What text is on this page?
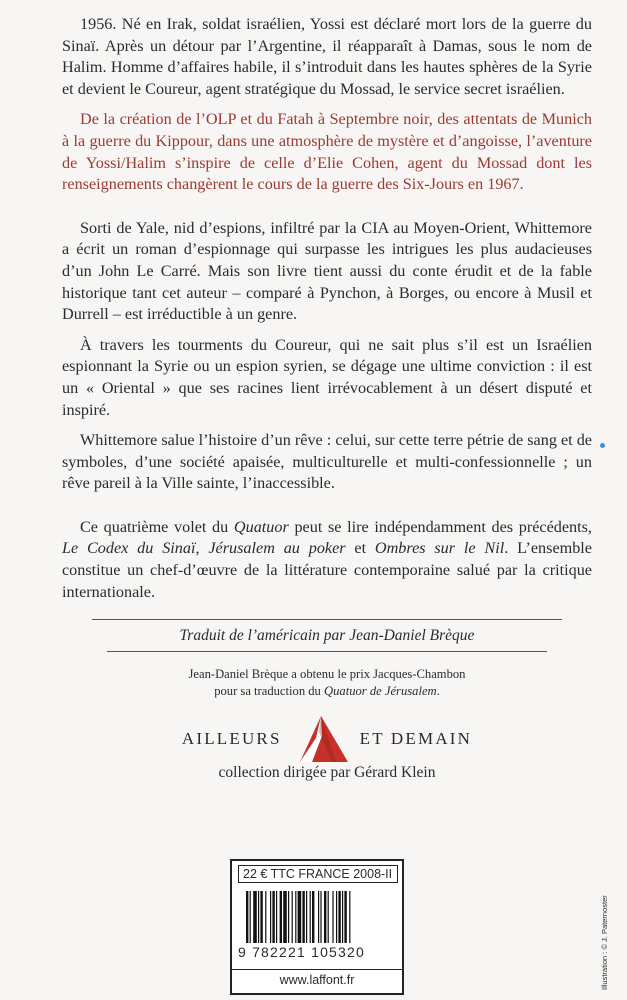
1956. Né en Irak, soldat israélien, Yossi est déclaré mort lors de la guerre du Sinaï. Après un détour par l’Argentine, il réapparaît à Damas, sous le nom de Halim. Homme d’affaires habile, il s’introduit dans les hautes sphères de la Syrie et devient le Coureur, agent stratégique du Mossad, le service secret israélien.

De la création de l’OLP et du Fatah à Septembre noir, des attentats de Munich à la guerre du Kippour, dans une atmosphère de mystère et d’angoisse, l’aventure de Yossi/Halim s’inspire de celle d’Elie Cohen, agent du Mossad dont les renseignements changèrent le cours de la guerre des Six-Jours en 1967.

Sorti de Yale, nid d’espions, infiltré par la CIA au Moyen-Orient, Whittemore a écrit un roman d’espionnage qui surpasse les intrigues les plus audacieuses d’un John Le Carré. Mais son livre tient aussi du conte érudit et de la fable historique tant cet auteur – comparé à Pynchon, à Borges, ou encore à Musil et Durrell – est irréductible à un genre.

À travers les tourments du Coureur, qui ne sait plus s’il est un Israélien espionnant la Syrie ou un espion syrien, se dégage une ultime conviction : il est un « Oriental » que ses racines lient irrévocablement à un désert disputé et inspiré.

Whittemore salue l’histoire d’un rêve : celui, sur cette terre pétrie de sang et de symboles, d’une société apaisée, multiculturelle et multi-confessionnelle ; un rêve pareil à la Ville sainte, l’inaccessible.

Ce quatrième volet du Quatuor peut se lire indépendamment des précédents, Le Codex du Sinaï, Jérusalem au poker et Ombres sur le Nil. L’ensemble constitue un chef-d’œuvre de la littérature contemporaine salué par la critique internationale.

Traduit de l’américain par Jean-Daniel Brèque
Jean-Daniel Brèque a obtenu le prix Jacques-Chambon
pour sa traduction du Quatuor de Jérusalem.
AILLEURS	ET DEMAIN
collection dirigée par Gérard Klein
22 € TTC FRANCE 2008-II
9 782221 105320
www.laffont.fr	Illustration : © J. Paternoster
